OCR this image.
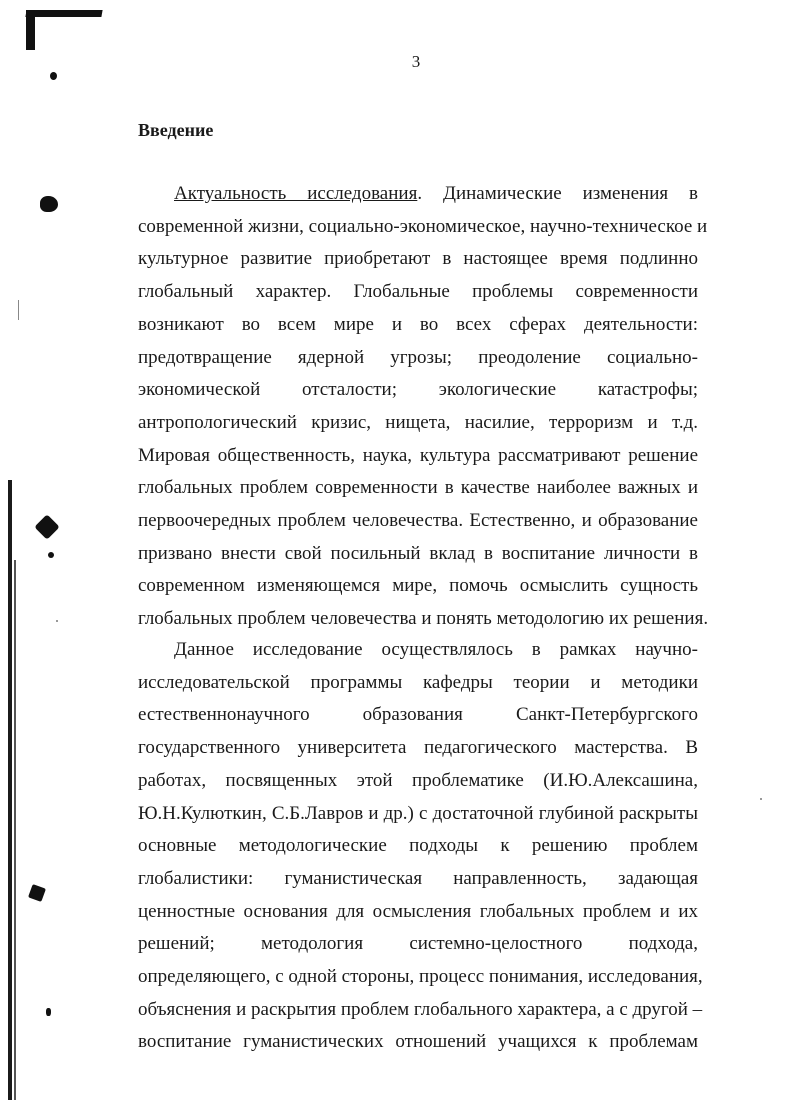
3
Введение
Актуальность исследования. Динамические изменения в
современной жизни, социально-экономическое, научно-техническое и
культурное развитие приобретают в настоящее время подлинно
глобальный характер. Глобальные проблемы современности
возникают во всем мире и во всех сферах деятельности:
предотвращение ядерной угрозы; преодоление социально-
экономической отсталости; экологические катастрофы;
антропологический кризис, нищета, насилие, терроризм и т.д.
Мировая общественность, наука, культура рассматривают решение
глобальных проблем современности в качестве наиболее важных и
первоочередных проблем человечества. Естественно, и образование
призвано внести свой посильный вклад в воспитание личности в
современном изменяющемся мире, помочь осмыслить сущность
глобальных проблем человечества и понять методологию их решения.
Данное исследование осуществлялось в рамках научно-
исследовательской программы кафедры теории и методики
естественнонаучного образования Санкт-Петербургского
государственного университета педагогического мастерства. В
работах, посвященных этой проблематике (И.Ю.Алексашина,
Ю.Н.Кулюткин, С.Б.Лавров и др.) с достаточной глубиной раскрыты
основные методологические подходы к решению проблем
глобалистики: гуманистическая направленность, задающая
ценностные основания для осмысления глобальных проблем и их
решений; методология системно-целостного подхода,
определяющего, с одной стороны, процесс понимания, исследования,
объяснения и раскрытия проблем глобального характера, а с другой –
воспитание гуманистических отношений учащихся к проблемам
